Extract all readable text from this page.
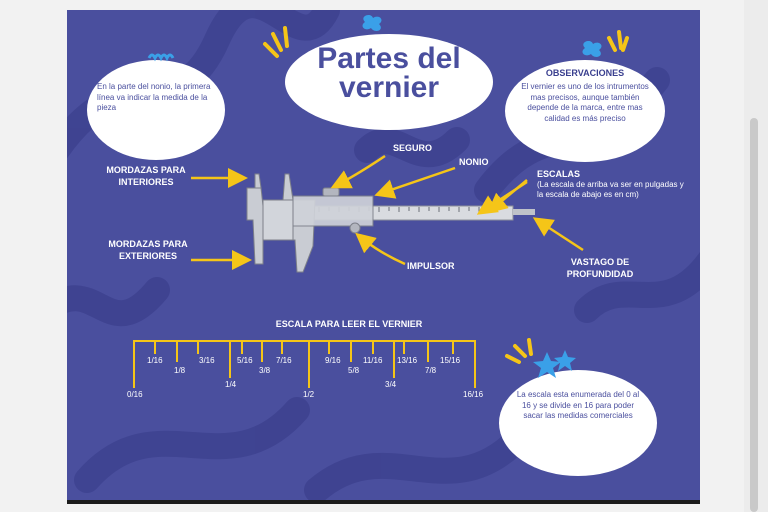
En la parte del nonio, la primera línea va indicar la medida de la pieza
Partes del
vernier	OBSERVACIONES
El vernier es uno de los intrumentos mas precisos, aunque también depende de la marca, entre mas calidad es más preciso
La escala esta enumerada del 0 al 16 y se divide en 16 para poder sacar las medidas comerciales
MORDAZAS PARA
INTERIORES
MORDAZAS PARA
EXTERIORES
SEGURO
NONIO
ESCALAS
(La escala de arriba va ser en pulgadas y la escala de abajo es en cm)
IMPULSOR	VASTAGO DE
PROFUNDIDAD
ESCALA PARA LEER EL VERNIER
1/16	3/16	5/16	7/16	9/16	11/16 13/16	15/16
1/8	3/8	5/8	7/8
1/4	3/4
0/16	1/2	16/16
